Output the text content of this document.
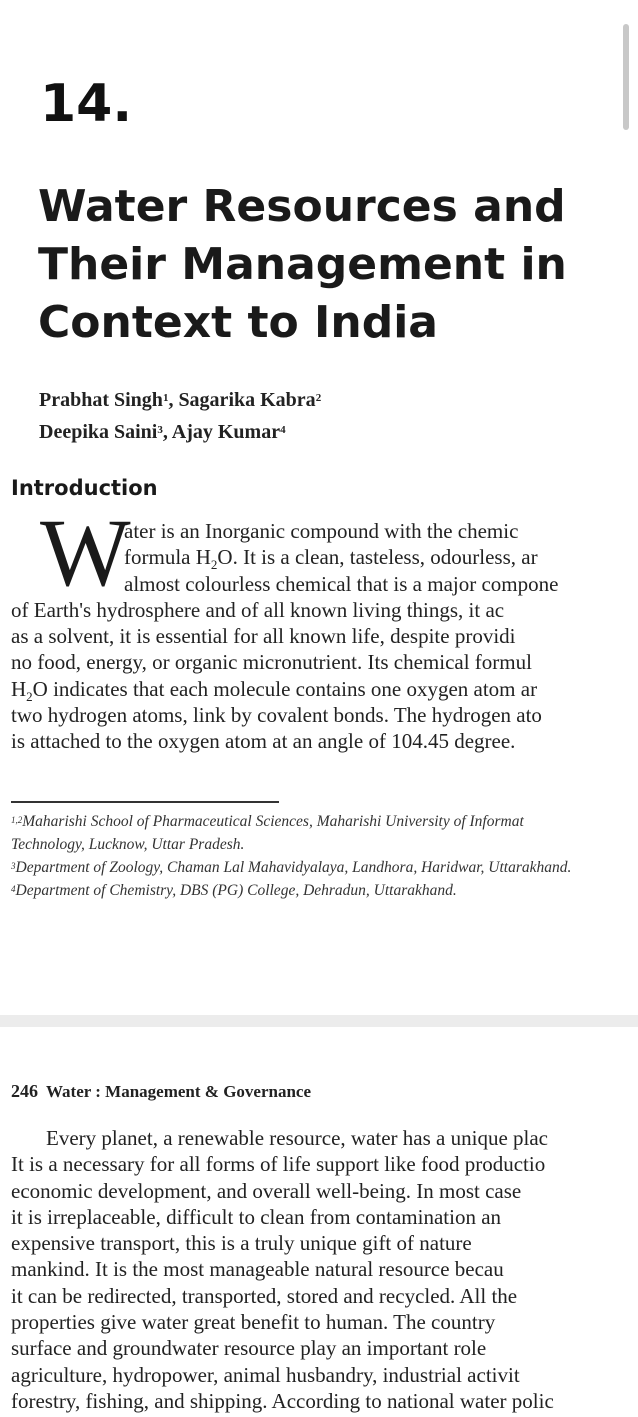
14.
Water Resources and
Their Management in
Context to India
Prabhat Singh$^1$, Sagarika Kabra$^2$
Deepika Saini$^3$, Ajay Kumar$^4$
Introduction
W
ater is an Inorganic compound with the chemic
formula $H_2O$. It is a clean, tasteless, odourless, ar
almost colourless chemical that is a major compone
of Earth's hydrosphere and of all known living things, it ac
as a solvent, it is essential for all known life, despite providi
no food, energy, or organic micronutrient. Its chemical formul
$H_2O$ indicates that each molecule contains one oxygen atom ar
two hydrogen atoms, link by covalent bonds. The hydrogen ato
is attached to the oxygen atom at an angle of 104.45 degree.
$^{1,2}$Maharishi School of Pharmaceutical Sciences, Maharishi University of Informat
Technology, Lucknow, Uttar Pradesh.
$^3$Department of Zoology, Chaman Lal Mahavidyalaya, Landhora, Haridwar, Uttarakhand.
$^4$Department of Chemistry, DBS (PG) College, Dehradun, Uttarakhand.
246 Water : Management & Governance
Every planet, a renewable resource, water has a unique plac
It is a necessary for all forms of life support like food productio
economic development, and overall well-being. In most case
it is irreplaceable, difficult to clean from contamination an
expensive transport, this is a truly unique gift of nature
mankind. It is the most manageable natural resource becau
it can be redirected, transported, stored and recycled. All the
properties give water great benefit to human. The country
surface and groundwater resource play an important role
agriculture, hydropower, animal husbandry, industrial activit
forestry, fishing, and shipping. According to national water polic
